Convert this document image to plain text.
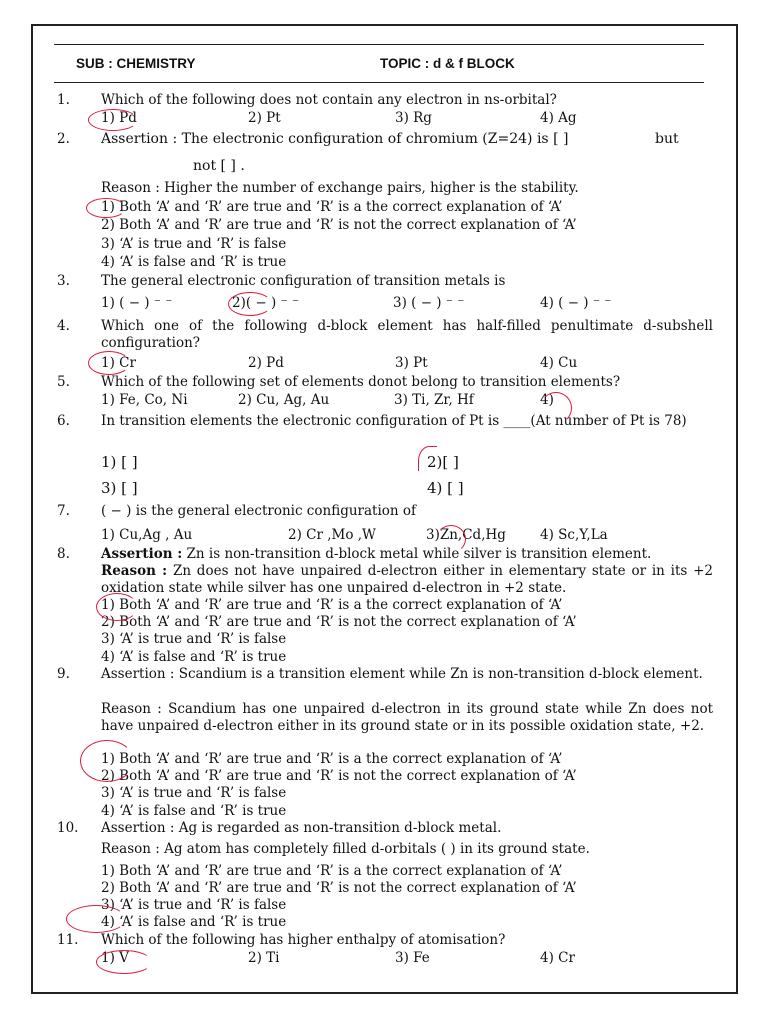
SUB : CHEMISTRY	TOPIC : d & f BLOCK
1. Which of the following does not contain any electron in ns-orbital?
1) Pd	2) Pt	3) Rg	4) Ag
2. Assertion : The electronic configuration of chromium (Z=24) is [ ]	but
not [ ] .
Reason : Higher the number of exchange pairs, higher is the stability.
1) Both ‘A’ and ‘R’ are true and ‘R’ is a the correct explanation of ‘A’
2) Both ‘A’ and ‘R’ are true and ‘R’ is not the correct explanation of ‘A’
3) ‘A’ is true and ‘R’ is false
4) ‘A’ is false and ‘R’ is true
3. The general electronic configuration of transition metals is
1) ( − ) ⁻ ⁻	2)( − ) ⁻ ⁻	3) ( − ) ⁻ ⁻	4) ( − ) ⁻ ⁻
4. Which one of the following d-block element has half-filled penultimate d-subshell configuration?
1) Cr	2) Pd	3) Pt	4) Cu
5. Which of the following set of elements donot belong to transition elements?
1) Fe, Co, Ni	2) Cu, Ag, Au	3) Ti, Zr, Hf	4)
6. In transition elements the electronic configuration of Pt is ____(At number of Pt is 78)
1) [ ]	2)[ ]
3) [ ]	4) [ ]
7. ( − ) is the general electronic configuration of
1) Cu,Ag , Au	2) Cr ,Mo ,W	3)Zn,Cd,Hg	4) Sc,Y,La
8. Assertion : Zn is non-transition d-block metal while silver is transition element.
Reason : Zn does not have unpaired d-electron either in elementary state or in its +2 oxidation state while silver has one unpaired d-electron in +2 state.
1) Both ‘A’ and ‘R’ are true and ‘R’ is a the correct explanation of ‘A’
2) Both ‘A’ and ‘R’ are true and ‘R’ is not the correct explanation of ‘A’
3) ‘A’ is true and ‘R’ is false
4) ‘A’ is false and ‘R’ is true
9. Assertion : Scandium is a transition element while Zn is non-transition d-block element.
Reason : Scandium has one unpaired d-electron in its ground state while Zn does not have unpaired d-electron either in its ground state or in its possible oxidation state, +2.
1) Both ‘A’ and ‘R’ are true and ‘R’ is a the correct explanation of ‘A’
2) Both ‘A’ and ‘R’ are true and ‘R’ is not the correct explanation of ‘A’
3) ‘A’ is true and ‘R’ is false
4) ‘A’ is false and ‘R’ is true
10. Assertion : Ag is regarded as non-transition d-block metal.
Reason : Ag atom has completely filled d-orbitals ( ) in its ground state.
1) Both ‘A’ and ‘R’ are true and ‘R’ is a the correct explanation of ‘A’
2) Both ‘A’ and ‘R’ are true and ‘R’ is not the correct explanation of ‘A’
3) ‘A’ is true and ‘R’ is false
4) ‘A’ is false and ‘R’ is true
11. Which of the following has higher enthalpy of atomisation?
1) V	2) Ti	3) Fe	4) Cr
